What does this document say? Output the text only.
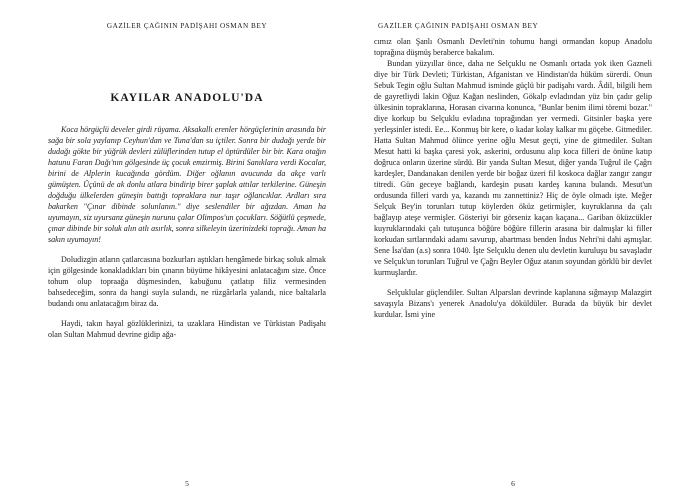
GAZİLER ÇAĞININ PADİŞAHI OSMAN BEY
KAYILAR ANADOLU'DA

Koca hörgüçlü develer girdi rüyama. Aksakallı erenler hörgüçlerinin arasında bir sağa bir sola yaylanıp Ceyhun'dan ve Tuna'dan su içtiler. Sonra bir dudağı yerde bir dudağı gökte bir yüğrük devleri zülüflerinden tutup el öptürdüler bir bir. Kara otağın hatunu Faran Dağı'nın gölgesinde üç çocuk emzirmiş. Birini Sanıklara verdi Kocalar, birini de Alplerin kucağında gördüm. Diğer oğlanın avucunda da akçe varlı gümüşten. Üçünü de ak donlu atlara bindirip birer şaplak attılar terkilerine. Güneşin doğduğu ülkelerden güneşin battığı topraklara nur taşır oğlancıklar. Ardları sıra bakarken "Çınar dibinde solunlanın." diye seslendiler bir ağızdan. Aman ha uyumayın, siz uyursanz güneşin nurunu çalar Olimpos'un çocukları. Söğütlü çeşmede, çınar dibinde bir soluk alın atlı asırlık, sonra silkeleyin üzerinizdeki toprağı. Aman ha sakın uyumayın!

Doludizgin atların çatlarcasına bozkurları aştıkları hengâmede birkaç soluk almak için gölgesinde konakladıkları bin çınarın büyüme hikâyesini anlatacağım size. Önce tohum olup topraağa düşmesinden, kabuğunu çatlatıp filiz vermesinden bahsedeceğim, sonra da hangi suyla sulandı, ne rüzgârlarla yalandı, nice baltalarla budandı onu anlatacağım biraz da.

Haydi, takın hayal gözlüklerinizi, ta uzaklara Hindistan ve Türkistan Padişahı olan Sultan Mahmud devrine gidip ağa-

5
GAZİLER ÇAĞININ PADİŞAHI OSMAN BEY

cımız olan Şanlı Osmanlı Devleti'nin tohumu hangi ormandan kopup Anadolu topraǧına düşmüş beraberce bakalım.

Bundan yüzyıllar önce, daha ne Selçuklu ne Osmanlı ortada yok iken Gazneli diye bir Türk Devleti; Türkistan, Afganistan ve Hindistan'da hüküm sürerdi. Onun Sebuk Tegin oğlu Sultan Mahmud isminde güçlü bir padişahı vardı. Âdil, bilgili hem de gayretliydi lakin Oğuz Kağan neslinden, Gökalp evladından yüz bin çadır gelip ülkesinin topraklarına, Horasan civarına konunca, "Bunlar benim ilimi töremi bozar." diye korkup bu Selçuklu evladına topraǧından yer vermedi. Gitsinler başka yere yerleşsinler istedi. Ee... Konmuş bir kere, o kadar kolay kalkar mı göçebe. Gitmediler. Hatta Sultan Mahmud ölünce yerine oǧlu Mesut geçti, yine de gitmediler. Sultan Mesut hatti ki başka çaresi yok, askerini, ordusunu alıp koca filleri de önüne katıp doǧruca onların üzerine sürdü. Bir yanda Sultan Mesut, diǧer yanda Tuǧrul ile Çaǧrı kardeşler, Dandanakan denilen yerde bir boǧaz üzeri fil koskoca daǧlar zangır zangır titredi. Gün geceye baǧlandı, kardeşin pusatı kardeş kanına bulandı. Mesut'un ordusunda filleri vardı ya, kazandı mı zannettiniz? Hiç de öyle olmadı işte. Meǧer Selçuk Bey'in torunları tutup köylerden öküz getirmişler, kuyruklarına da çalı baǧlayıp ateşe vermişler. Gösteriyi bir görseniz kaçan kaçana... Gariban öküzcükler kuyruklarındaki çalı tutuşunca böǧüre böǧüre fillerin arasına bir dalmışlar ki filler korkudan sırtlarındaki adamı savurup, abartması benden İndus Nehri'ni dahi aşmışlar. Sene İsa'dan (a.s) sonra 1040. İşte Selçuklu denen ulu devletin kuruluşu bu savaşladır ve Selçuk'un torunları Tuǧrul ve Çaǧrı Beyler Oǧuz atanın soyundan görklü bir devlet kurmuşlardır.

Selçuklular güçlendiler. Sultan Alparslan devrinde kaplanına sıǧmayıp Malazgirt savaşıyla Bizans'ı yenerek Anadolu'ya döküldüler. Burada da büyük bir devlet kurdular. İsmi yine

6
